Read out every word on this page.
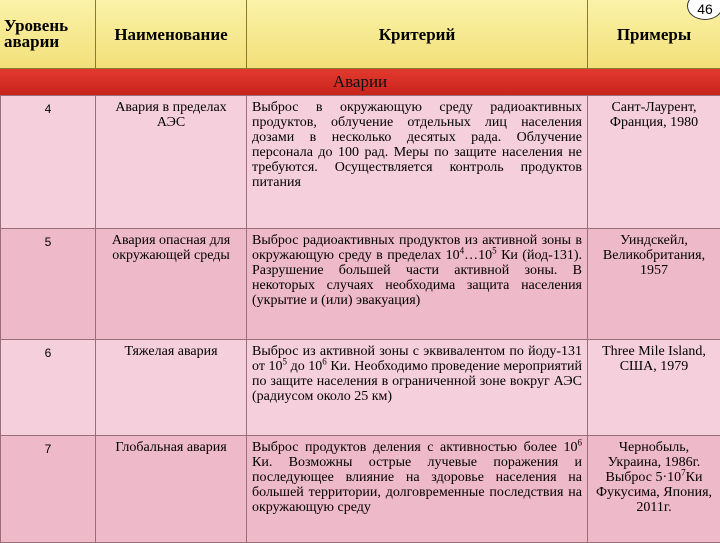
Уровень аварии	Наименование	Критерий	Примеры
46
Аварии
4	Авария в пределах АЭС	Выброс в окружающую среду радиоактивных продуктов, облучение отдельных лиц населения дозами в несколько десятых рада. Облучение персонала до 100 рад. Меры по защите населения не требуются. Осуществляется контроль продуктов питания	Сант-Лаурент, Франция, 1980
5	Авария опасная для окружающей среды	Выброс радиоактивных продуктов из активной зоны в окружающую среду в пределах $10^4\dots 10^5$ Ки (йод-131). Разрушение большей части активной зоны. В некоторых случаях необходима защита населения (укрытие и (или) эвакуация)	Уиндскейл, Великобритания, 1957
6	Тяжелая авария	Выброс из активной зоны с эквивалентом по йоду-131 от $10^5$ до $10^6$ Ки. Необходимо проведение мероприятий по защите населения в ограниченной зоне вокруг АЭС (радиусом около 25 км)	Three Mile Island, США, 1979
7	Глобальная авария	Выброс продуктов деления с активностью более $10^6$ Ки. Возможны острые лучевые поражения и последующее влияние на здоровье населения на большей территории, долговременные последствия на окружающую среду	Чернобыль, Украина, 1986г.
Выброс $5\cdot 10^7Ки$
Фукусима, Япония, 2011г.
